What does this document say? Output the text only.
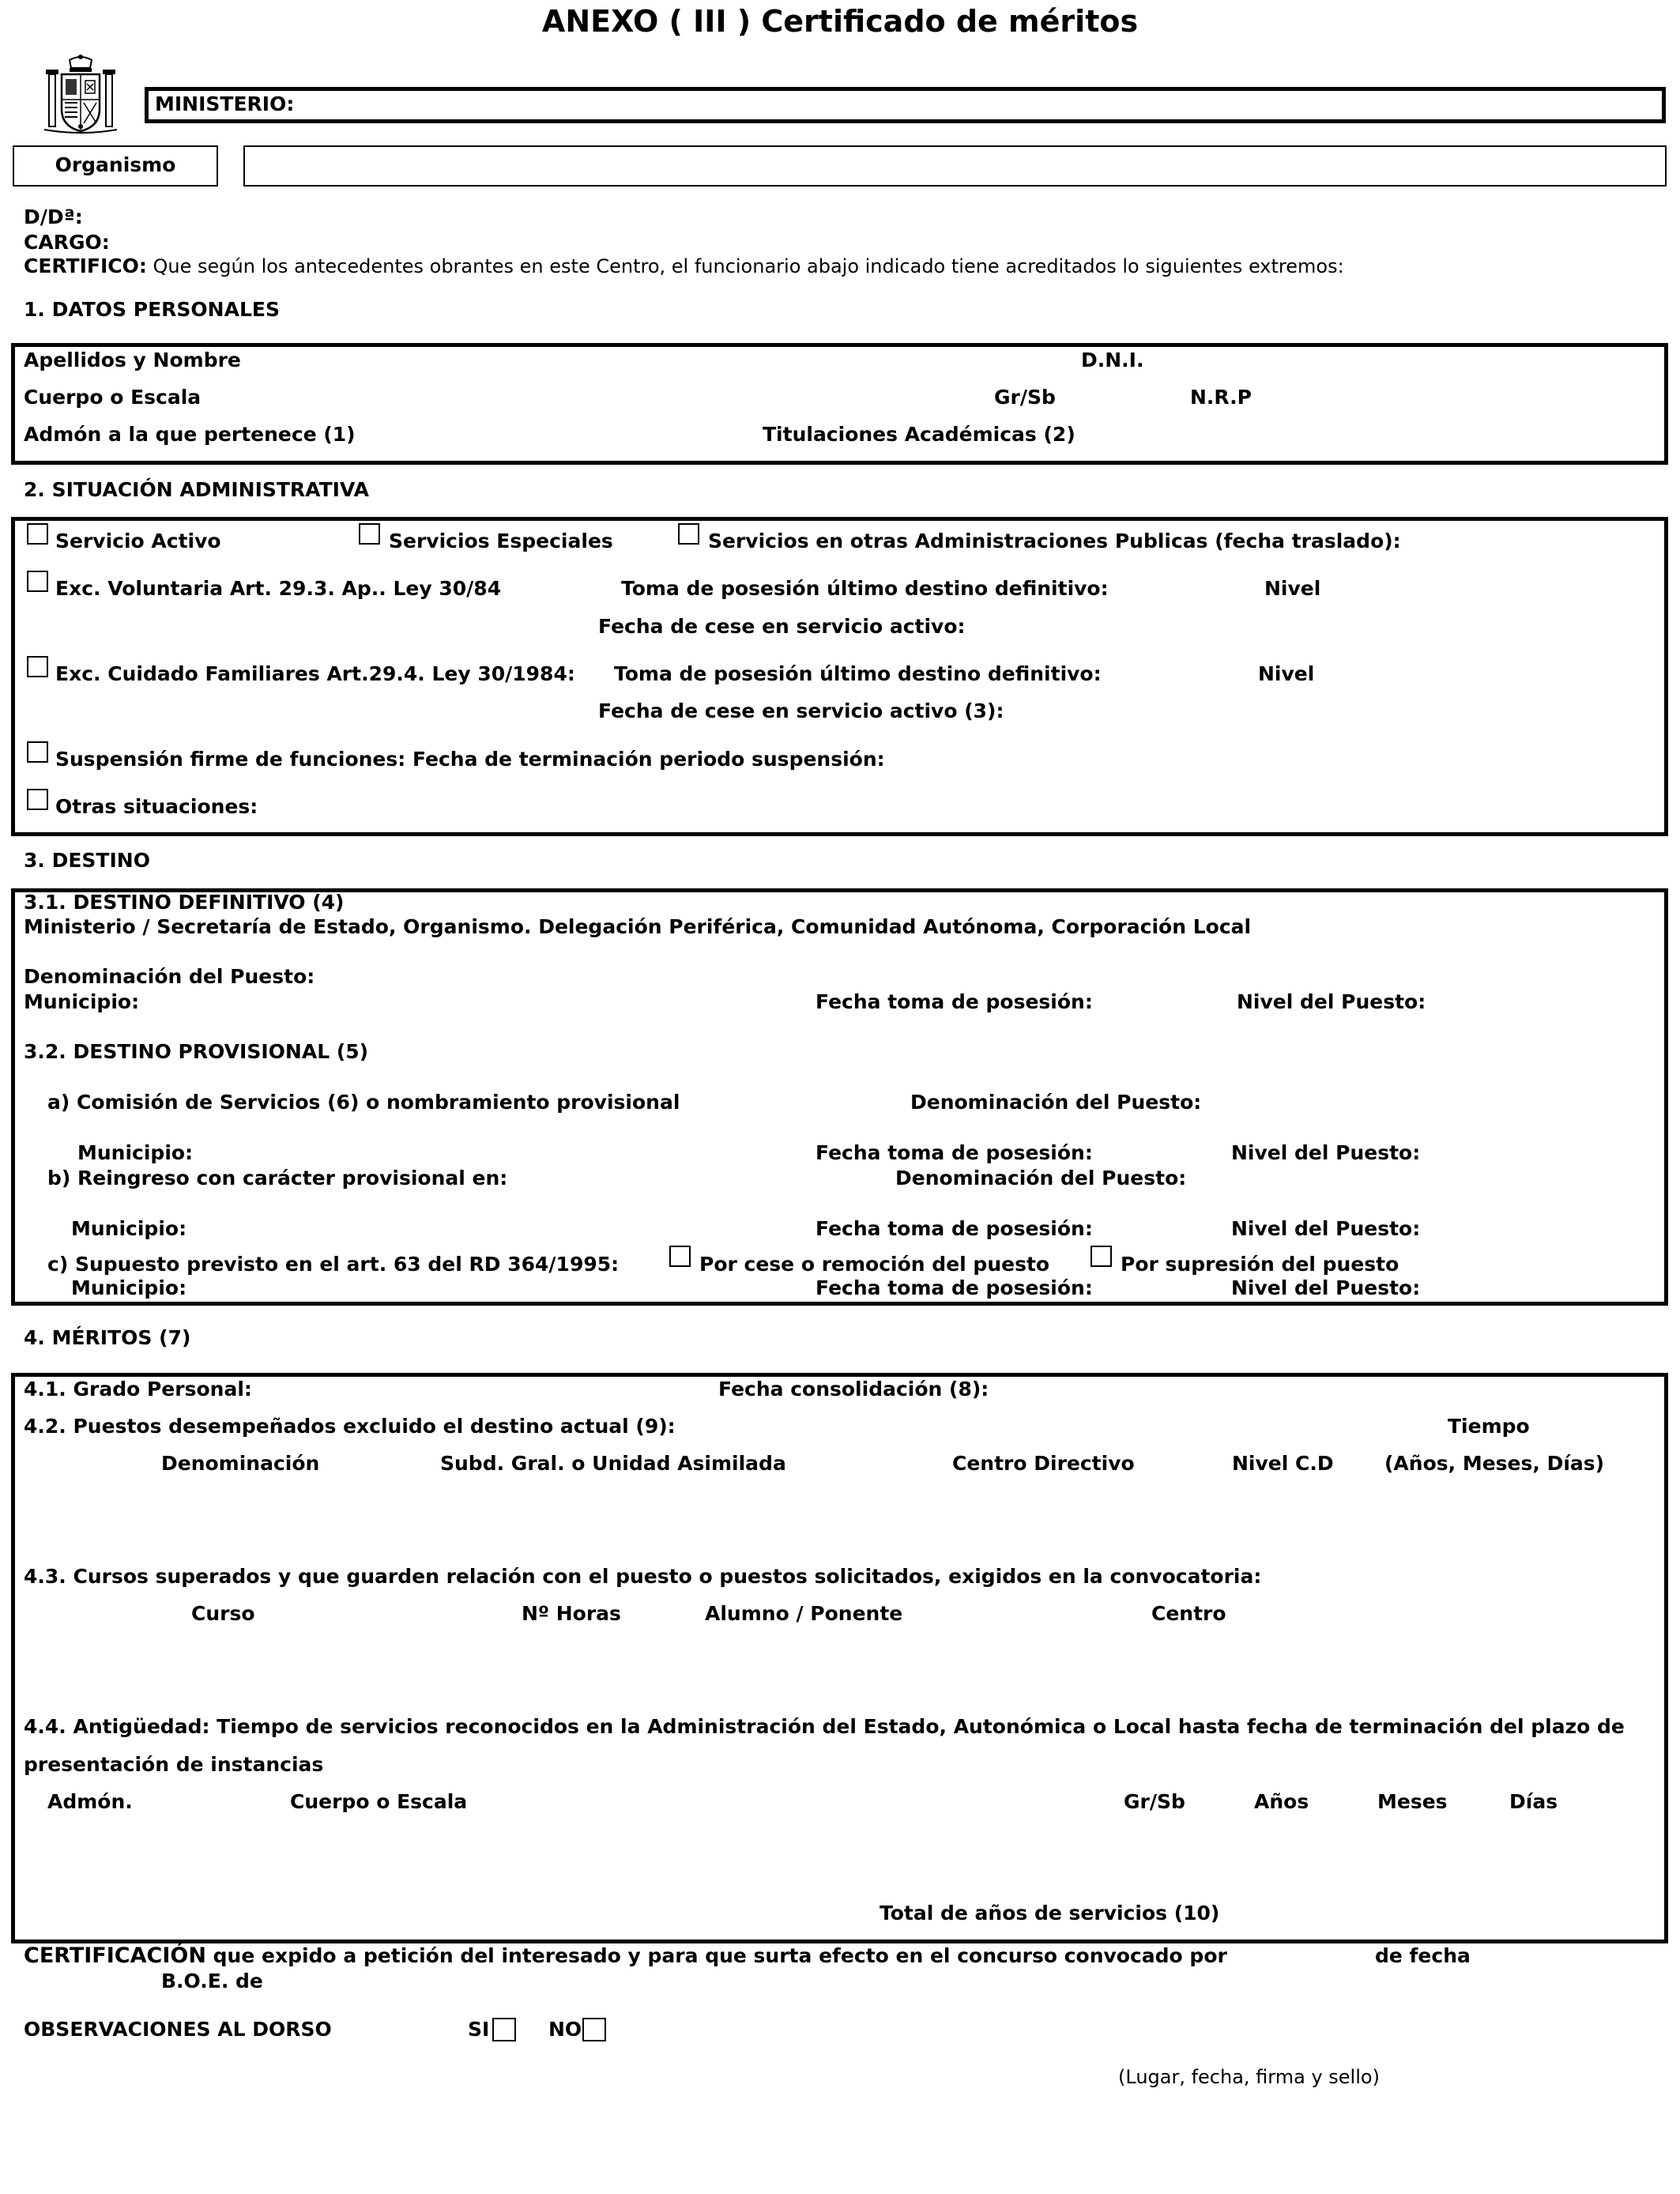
ANEXO ( III ) Certificado de méritos
MINISTERIO:
Organismo
D/Dª:
CARGO:
CERTIFICO: Que según los antecedentes obrantes en este Centro, el funcionario abajo indicado tiene acreditados lo siguientes extremos:
1. DATOS PERSONALES
Apellidos y Nombre	D.N.I.
Cuerpo o Escala	Gr/Sb	N.R.P
Admón a la que pertenece (1)	Titulaciones Académicas (2)
2. SITUACIÓN ADMINISTRATIVA
Servicio Activo	Servicios Especiales	Servicios en otras Administraciones Publicas (fecha traslado):
Exc. Voluntaria Art. 29.3. Ap.. Ley 30/84	Toma de posesión último destino definitivo:	Nivel
Fecha de cese en servicio activo:
Exc. Cuidado Familiares Art.29.4. Ley 30/1984: Toma de posesión último destino definitivo:	Nivel
Fecha de cese en servicio activo (3):
Suspensión firme de funciones: Fecha de terminación periodo suspensión:
Otras situaciones:
3. DESTINO
3.1. DESTINO DEFINITIVO (4)
Ministerio / Secretaría de Estado, Organismo. Delegación Periférica, Comunidad Autónoma, Corporación Local
Denominación del Puesto:
Municipio:	Fecha toma de posesión:	Nivel del Puesto:
3.2. DESTINO PROVISIONAL (5)
a) Comisión de Servicios (6) o nombramiento provisional	Denominación del Puesto:
Municipio:	Fecha toma de posesión:	Nivel del Puesto:
b) Reingreso con carácter provisional en:	Denominación del Puesto:
Municipio:	Fecha toma de posesión:	Nivel del Puesto:
c) Supuesto previsto en el art. 63 del RD 364/1995:	Por cese o remoción del puesto	Por supresión del puesto
Municipio:	Fecha toma de posesión:	Nivel del Puesto:
4. MÉRITOS (7)
4.1. Grado Personal:	Fecha consolidación (8):
4.2. Puestos desempeñados excluido el destino actual (9):	Tiempo
Denominación	Subd. Gral. o Unidad Asimilada	Centro Directivo	Nivel C.D	(Años, Meses, Días)
4.3. Cursos superados y que guarden relación con el puesto o puestos solicitados, exigidos en la convocatoria:
Curso	Nº Horas	Alumno / Ponente	Centro
4.4. Antigüedad: Tiempo de servicios reconocidos en la Administración del Estado, Autonómica o Local hasta fecha de terminación del plazo de
presentación de instancias
Admón.	Cuerpo o Escala	Gr/Sb	Años	Meses	Días
Total de años de servicios (10)
CERTIFICACIÓN que expido a petición del interesado y para que surta efecto en el concurso convocado por	de fecha
B.O.E. de
OBSERVACIONES AL DORSO	SI	NO
(Lugar, fecha, firma y sello)
